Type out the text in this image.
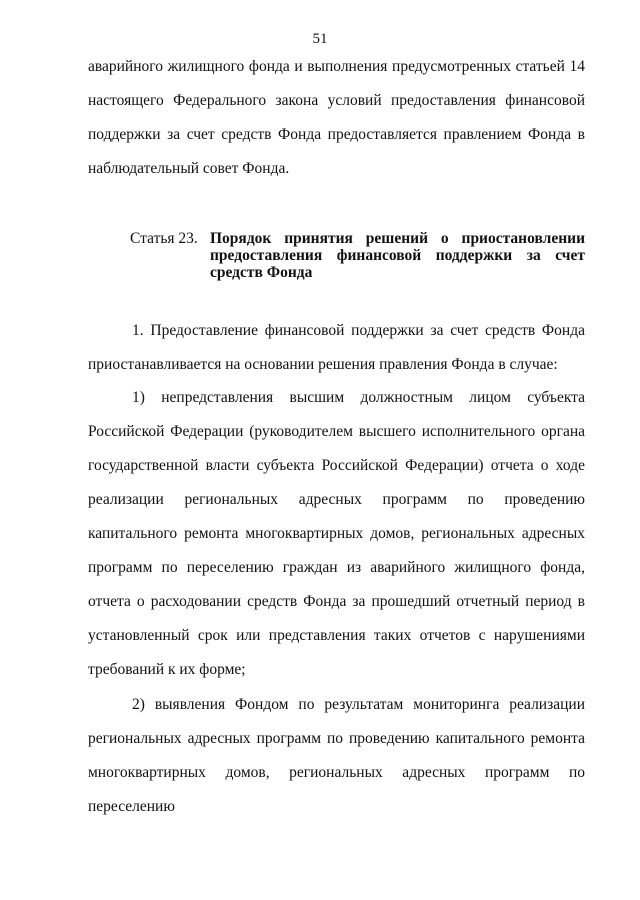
51

аварийного жилищного фонда и выполнения предусмотренных статьей 14 настоящего Федерального закона условий предоставления финансовой поддержки за счет средств Фонда предоставляется правлением Фонда в наблюдательный совет Фонда.

Статья 23. Порядок принятия решений о приостановлении предоставления финансовой поддержки за счет средств Фонда

1. Предоставление финансовой поддержки за счет средств Фонда приостанавливается на основании решения правления Фонда в случае:

1) непредставления высшим должностным лицом субъекта Российской Федерации (руководителем высшего исполнительного органа государственной власти субъекта Российской Федерации) отчета о ходе реализации региональных адресных программ по проведению капитального ремонта многоквартирных домов, региональных адресных программ по переселению граждан из аварийного жилищного фонда, отчета о расходовании средств Фонда за прошедший отчетный период в установленный срок или представления таких отчетов с нарушениями требований к их форме;

2) выявления Фондом по результатам мониторинга реализации региональных адресных программ по проведению капитального ремонта многоквартирных домов, региональных адресных программ по переселению
